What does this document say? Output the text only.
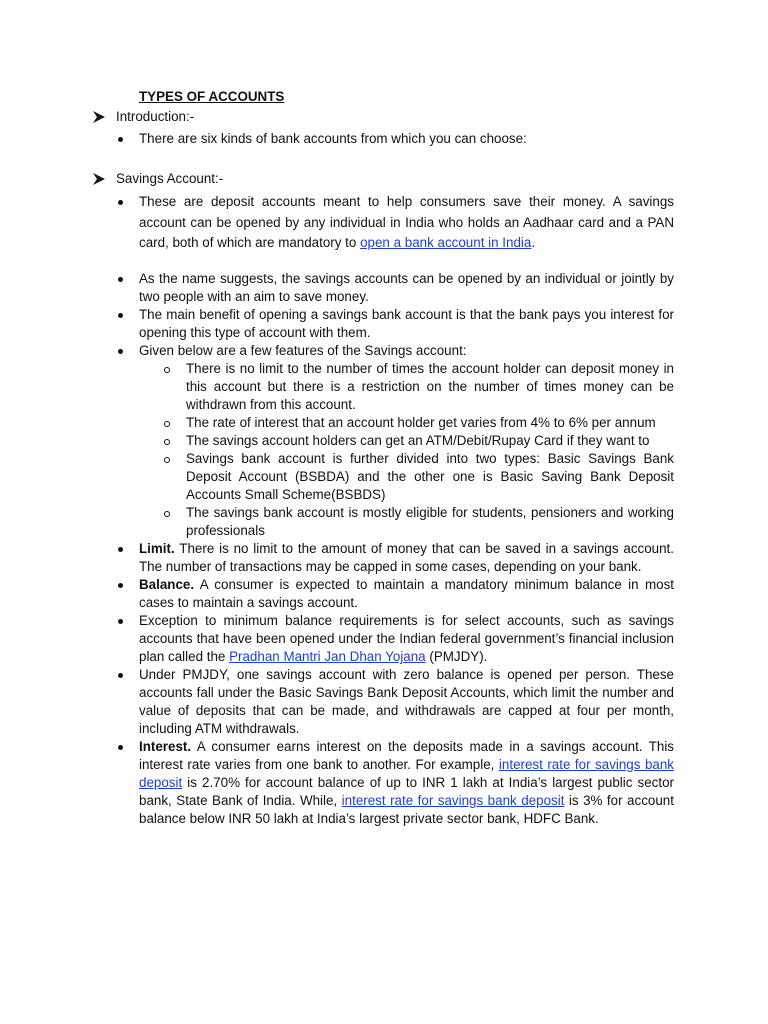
TYPES OF ACCOUNTS
Introduction:-
There are six kinds of bank accounts from which you can choose:
Savings Account:-
These are deposit accounts meant to help consumers save their money. A savings account can be opened by any individual in India who holds an Aadhaar card and a PAN card, both of which are mandatory to open a bank account in India.
As the name suggests, the savings accounts can be opened by an individual or jointly by two people with an aim to save money.
The main benefit of opening a savings bank account is that the bank pays you interest for opening this type of account with them.
Given below are a few features of the Savings account:
There is no limit to the number of times the account holder can deposit money in this account but there is a restriction on the number of times money can be withdrawn from this account.
The rate of interest that an account holder get varies from 4% to 6% per annum
The savings account holders can get an ATM/Debit/Rupay Card if they want to
Savings bank account is further divided into two types: Basic Savings Bank Deposit Account (BSBDA) and the other one is Basic Saving Bank Deposit Accounts Small Scheme(BSBDS)
The savings bank account is mostly eligible for students, pensioners and working professionals
Limit. There is no limit to the amount of money that can be saved in a savings account. The number of transactions may be capped in some cases, depending on your bank.
Balance. A consumer is expected to maintain a mandatory minimum balance in most cases to maintain a savings account.
Exception to minimum balance requirements is for select accounts, such as savings accounts that have been opened under the Indian federal government’s financial inclusion plan called the Pradhan Mantri Jan Dhan Yojana (PMJDY).
Under PMJDY, one savings account with zero balance is opened per person. These accounts fall under the Basic Savings Bank Deposit Accounts, which limit the number and value of deposits that can be made, and withdrawals are capped at four per month, including ATM withdrawals.
Interest. A consumer earns interest on the deposits made in a savings account. This interest rate varies from one bank to another. For example, interest rate for savings bank deposit is 2.70% for account balance of up to INR 1 lakh at India’s largest public sector bank, State Bank of India. While, interest rate for savings bank deposit is 3% for account balance below INR 50 lakh at India’s largest private sector bank, HDFC Bank.
